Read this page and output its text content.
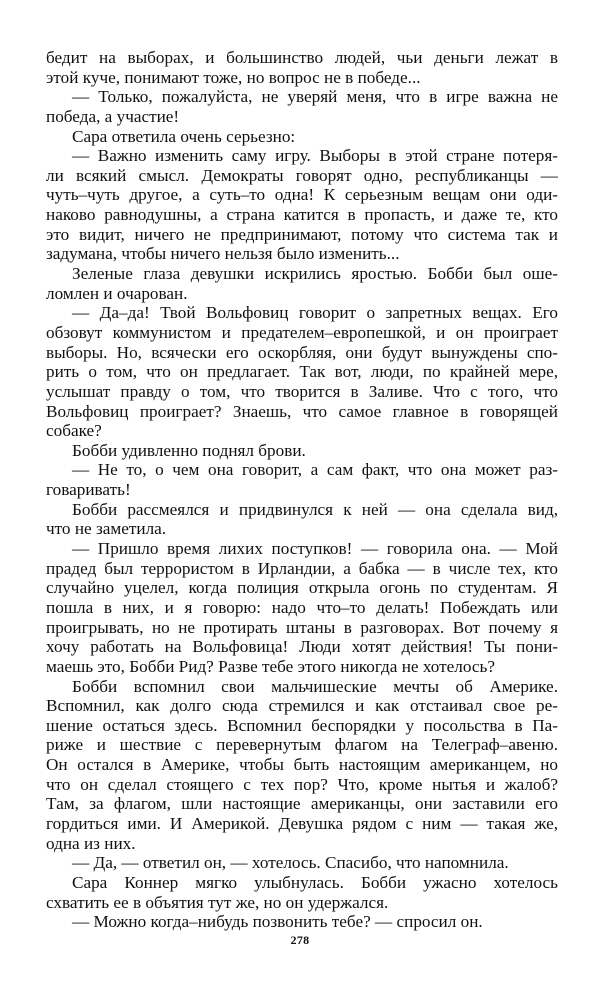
бедит на выборах, и большинство людей, чьи деньги лежат в
этой куче, понимают тоже, но вопрос не в победе...
— Только, пожалуйста, не уверяй меня, что в игре важна не
победа, а участие!
Сара ответила очень серьезно:
— Важно изменить саму игру. Выборы в этой стране потеря-
ли всякий смысл. Демократы говорят одно, республиканцы —
чуть–чуть другое, а суть–то одна! К серьезным вещам они оди-
наково равнодушны, а страна катится в пропасть, и даже те, кто
это видит, ничего не предпринимают, потому что система так и
задумана, чтобы ничего нельзя было изменить...
Зеленые глаза девушки искрились яростью. Бобби был оше-
ломлен и очарован.
— Да–да! Твой Вольфовиц говорит о запретных вещах. Его
обзовут коммунистом и предателем–европешкой, и он проиграет
выборы. Но, всячески его оскорбляя, они будут вынуждены спо-
рить о том, что он предлагает. Так вот, люди, по крайней мере,
услышат правду о том, что творится в Заливе. Что с того, что
Вольфовиц проиграет? Знаешь, что самое главное в говорящей
собаке?
Бобби удивленно поднял брови.
— Не то, о чем она говорит, а сам факт, что она может раз-
говаривать!
Бобби рассмеялся и придвинулся к ней — она сделала вид,
что не заметила.
— Пришло время лихих поступков! — говорила она. — Мой
прадед был террористом в Ирландии, а бабка — в числе тех, кто
случайно уцелел, когда полиция открыла огонь по студентам. Я
пошла в них, и я говорю: надо что–то делать! Побеждать или
проигрывать, но не протирать штаны в разговорах. Вот почему я
хочу работать на Вольфовица! Люди хотят действия! Ты пони-
маешь это, Бобби Рид? Разве тебе этого никогда не хотелось?
Бобби вспомнил свои мальчишеские мечты об Америке.
Вспомнил, как долго сюда стремился и как отстаивал свое ре-
шение остаться здесь. Вспомнил беспорядки у посольства в Па-
риже и шествие с перевернутым флагом на Телеграф–авеню.
Он остался в Америке, чтобы быть настоящим американцем, но
что он сделал стоящего с тех пор? Что, кроме нытья и жалоб?
Там, за флагом, шли настоящие американцы, они заставили его
гордиться ими. И Америкой. Девушка рядом с ним — такая же,
одна из них.
— Да, — ответил он, — хотелось. Спасибо, что напомнила.
Сара Коннер мягко улыбнулась. Бобби ужасно хотелось
схватить ее в объятия тут же, но он удержался.
— Можно когда–нибудь позвонить тебе? — спросил он.
278
